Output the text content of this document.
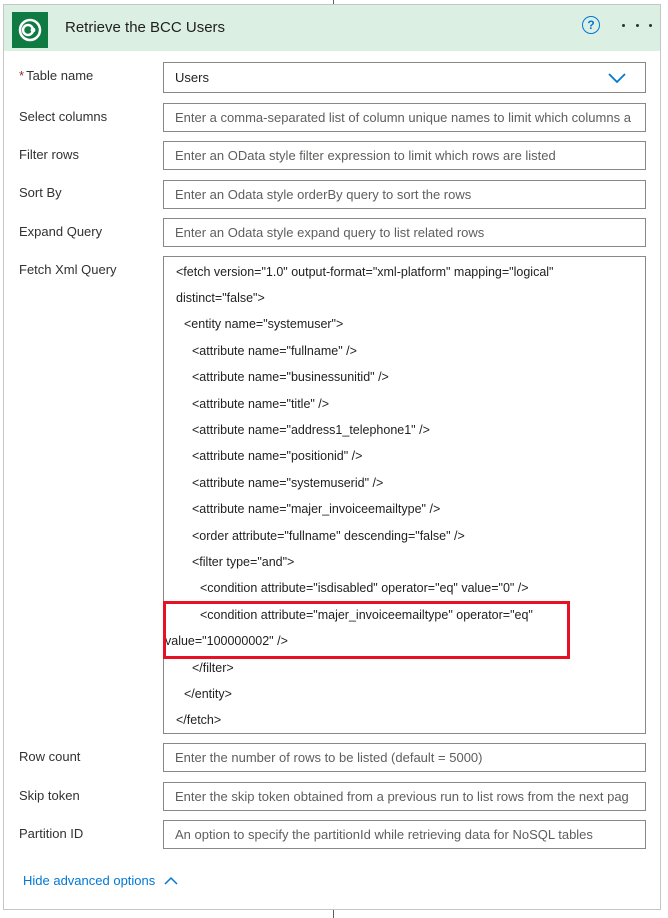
Retrieve the BCC Users	?
* Table name	Users
Select columns	Enter a comma-separated list of column unique names to limit which columns a
Filter rows	Enter an OData style filter expression to limit which rows are listed
Sort By	Enter an Odata style orderBy query to sort the rows
Expand Query	Enter an Odata style expand query to list related rows
Fetch Xml Query	<fetch version="1.0" output-format="xml-platform" mapping="logical"
distinct="false">
<entity name="systemuser">
<attribute name="fullname" />
<attribute name="businessunitid" />
<attribute name="title" />
<attribute name="address1_telephone1" />
<attribute name="positionid" />
<attribute name="systemuserid" />
<attribute name="majer_invoiceemailtype" />
<order attribute="fullname" descending="false" />
<filter type="and">
<condition attribute="isdisabled" operator="eq" value="0" />
<condition attribute="majer_invoiceemailtype" operator="eq"
value="100000002" />
</filter>
</entity>
</fetch>
Row count	Enter the number of rows to be listed (default = 5000)
Skip token	Enter the skip token obtained from a previous run to list rows from the next pag
Partition ID	An option to specify the partitionId while retrieving data for NoSQL tables
Hide advanced options
